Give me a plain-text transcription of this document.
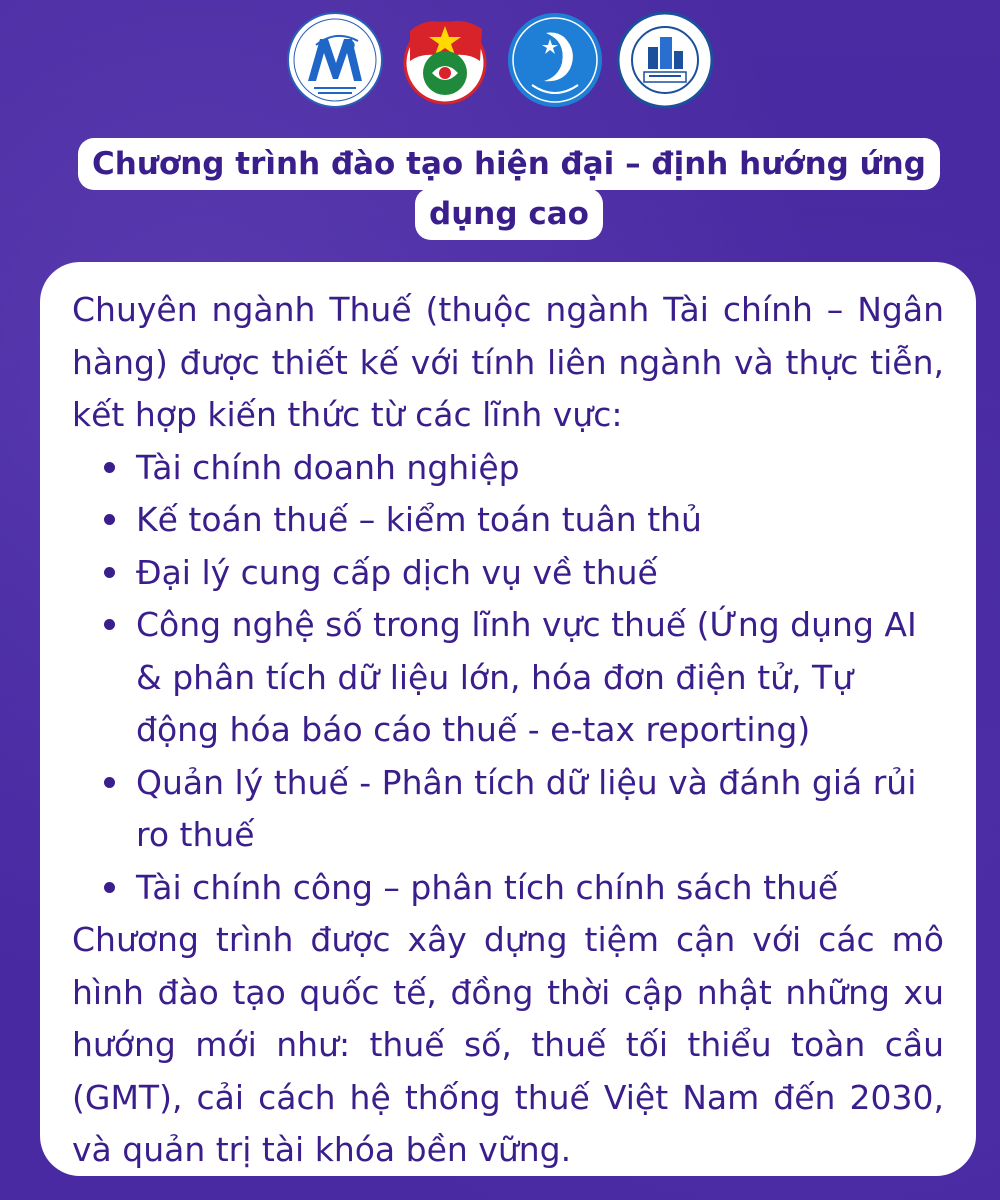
Chương trình đào tạo hiện đại – định hướng ứng dụng cao

Chuyên ngành Thuế (thuộc ngành Tài chính – Ngân hàng) được thiết kế với tính liên ngành và thực tiễn, kết hợp kiến thức từ các lĩnh vực:

Tài chính doanh nghiệp
Kế toán thuế – kiểm toán tuân thủ
Đại lý cung cấp dịch vụ về thuế
Công nghệ số trong lĩnh vực thuế (Ứng dụng AI & phân tích dữ liệu lớn, hóa đơn điện tử, Tự động hóa báo cáo thuế - e-tax reporting)
Quản lý thuế - Phân tích dữ liệu và đánh giá rủi ro thuế
Tài chính công – phân tích chính sách thuế

Chương trình được xây dựng tiệm cận với các mô hình đào tạo quốc tế, đồng thời cập nhật những xu hướng mới như: thuế số, thuế tối thiểu toàn cầu (GMT), cải cách hệ thống thuế Việt Nam đến 2030, và quản trị tài khóa bền vững.
